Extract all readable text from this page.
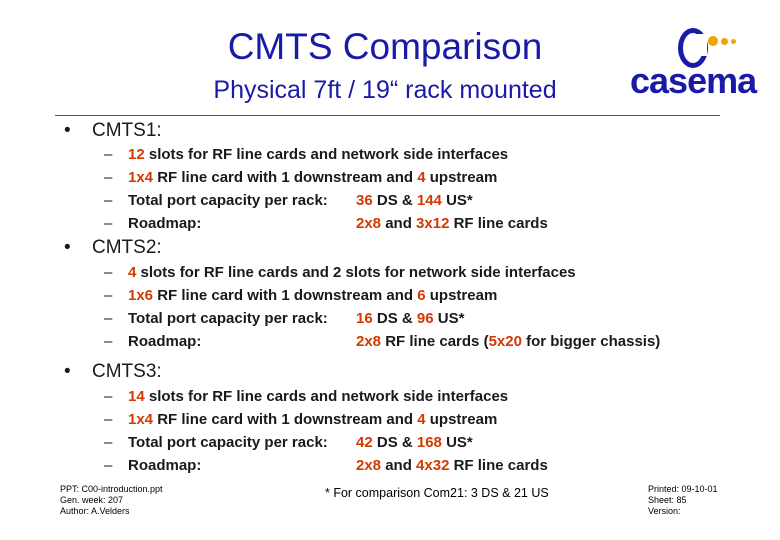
CMTS Comparison
Physical 7ft / 19“ rack mounted	casema
• CMTS1:
– 12 slots for RF line cards and network side interfaces
– 1x4 RF line card with 1 downstream and 4 upstream
– Total port capacity per rack: 36 DS & 144 US*
– Roadmap:	2x8 and 3x12 RF line cards
• CMTS2:
– 4 slots for RF line cards and 2 slots for network side interfaces
– 1x6 RF line card with 1 downstream and 6 upstream
– Total port capacity per rack: 16 DS & 96 US*
– Roadmap:	2x8 RF line cards (5x20 for bigger chassis)
• CMTS3:
– 14 slots for RF line cards and network side interfaces
– 1x4 RF line card with 1 downstream and 4 upstream
– Total port capacity per rack: 42 DS & 168 US*
– Roadmap:	2x8 and 4x32 RF line cards
PPT: C00-introduction.ppt
Gen. week: 207
Author: A.Velders
* For comparison Com21: 3 DS & 21 US	Printed: 09-10-01
Sheet: 85
Version:
